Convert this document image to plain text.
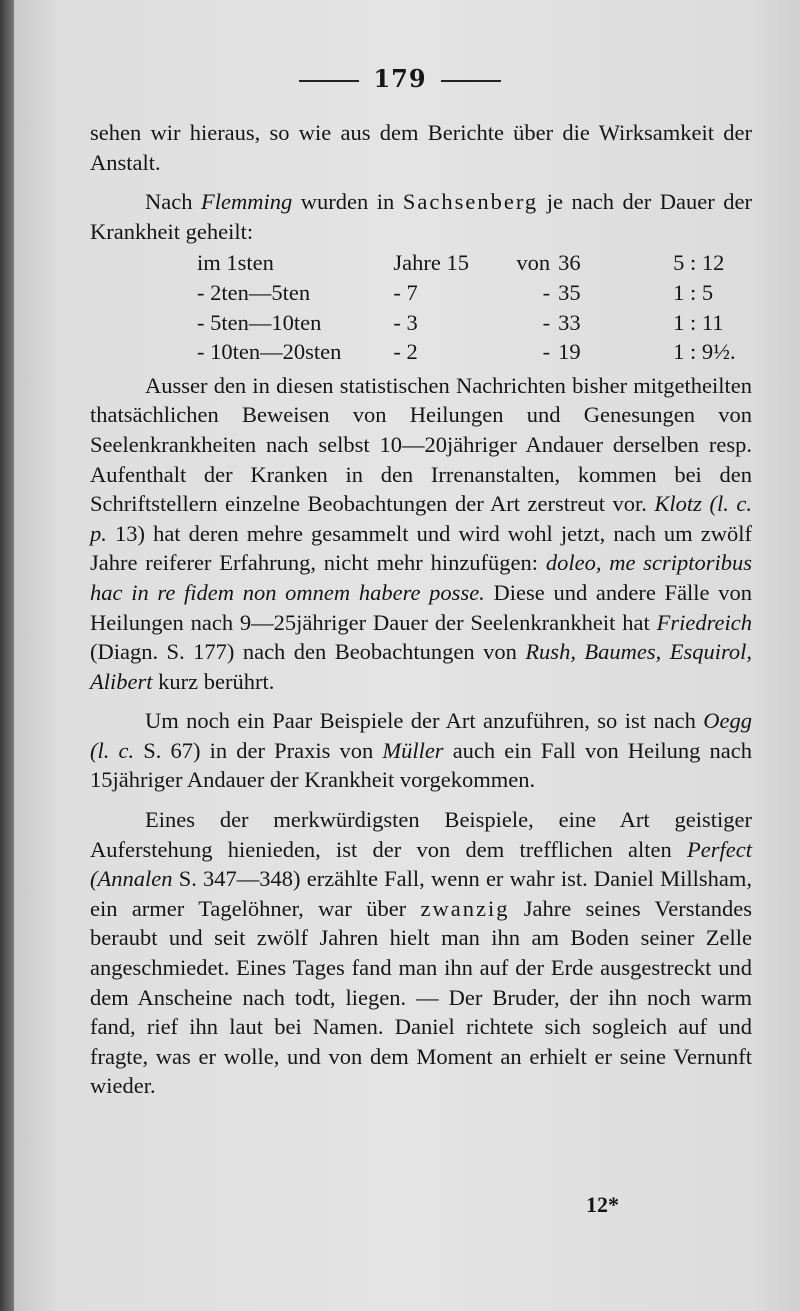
179

sehen wir hieraus, so wie aus dem Berichte über die Wirksamkeit der Anstalt.

Nach Flemming wurden in Sachsenberg je nach der Dauer der Krankheit geheilt:

im 1sten	Jahre 15	von	36	5 : 12
- 2ten—5ten	- 7	-	35	1 : 5
- 5ten—10ten	- 3	-	33	1 : 11
- 10ten—20sten	- 2	-	19	1 : 9½.

Ausser den in diesen statistischen Nachrichten bisher mitgetheilten thatsächlichen Beweisen von Heilungen und Genesungen von Seelenkrankheiten nach selbst 10—20jähriger Andauer derselben resp. Aufenthalt der Kranken in den Irrenanstalten, kommen bei den Schriftstellern einzelne Beobachtungen der Art zerstreut vor. Klotz (l. c. p. 13) hat deren mehre gesammelt und wird wohl jetzt, nach um zwölf Jahre reiferer Erfahrung, nicht mehr hinzufügen: doleo, me scriptoribus hac in re fidem non omnem habere posse. Diese und andere Fälle von Heilungen nach 9—25jähriger Dauer der Seelenkrankheit hat Friedreich (Diagn. S. 177) nach den Beobachtungen von Rush, Baumes, Esquirol, Alibert kurz berührt.

Um noch ein Paar Beispiele der Art anzuführen, so ist nach Oegg (l. c. S. 67) in der Praxis von Müller auch ein Fall von Heilung nach 15jähriger Andauer der Krankheit vorgekommen.

Eines der merkwürdigsten Beispiele, eine Art geistiger Auferstehung hienieden, ist der von dem trefflichen alten Perfect (Annalen S. 347—348) erzählte Fall, wenn er wahr ist. Daniel Millsham, ein armer Tagelöhner, war über zwanzig Jahre seines Verstandes beraubt und seit zwölf Jahren hielt man ihn am Boden seiner Zelle angeschmiedet. Eines Tages fand man ihn auf der Erde ausgestreckt und dem Anscheine nach todt, liegen. — Der Bruder, der ihn noch warm fand, rief ihn laut bei Namen. Daniel richtete sich sogleich auf und fragte, was er wolle, und von dem Moment an erhielt er seine Vernunft wieder.

12*
